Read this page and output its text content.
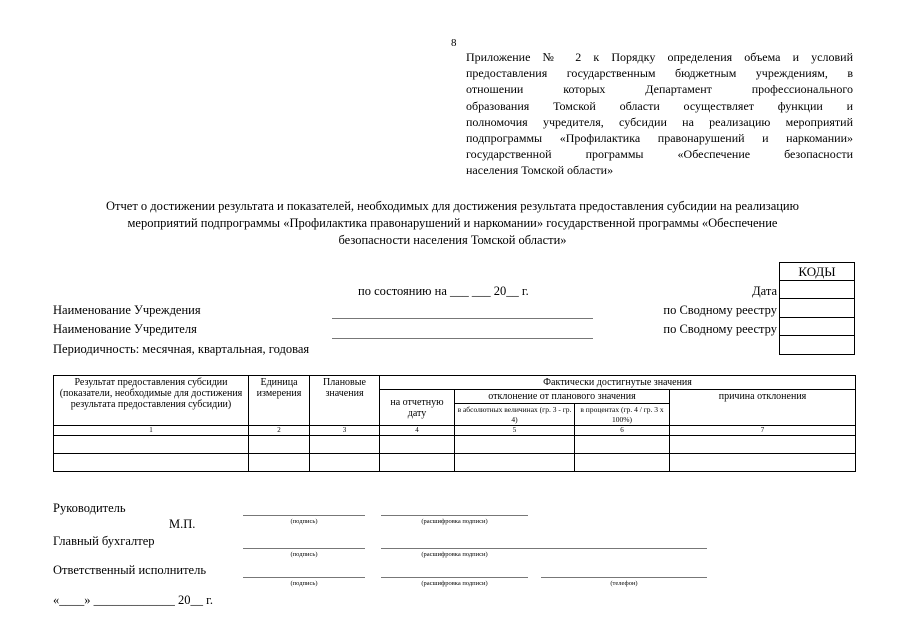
8
Приложение № 2 к Порядку определения объема и условий
предоставления государственным бюджетным учреждениям, в
отношении которых Департамент профессионального
образования Томской области осуществляет функции и
полномочия учредителя, субсидии на реализацию мероприятий
подпрограммы «Профилактика правонарушений и наркомании»
государственной программы «Обеспечение безопасности
населения Томской области»
Отчет о достижении результата и показателей, необходимых для достижения результата предоставления субсидии на реализацию
мероприятий подпрограммы «Профилактика правонарушений и наркомании» государственной программы «Обеспечение
безопасности населения Томской области»
КОДЫ
по состоянию на ___ ___ 20__ г.	Дата
Наименование Учреждения	по Сводному реестру
Наименование Учредителя	по Сводному реестру
Периодичность: месячная, квартальная, годовая
Результат предоставления субсидии (показатели, необходимые для достижения результата предоставления субсидии)	Единица измерения	Плановые значения	Фактически достигнутые значения			
			на отчетную дату	отклонение от планового значения		причина отклонения
				в абсолютных величинах (гр. 3 - гр. 4)	в процентах (гр. 4 / гр. 3 х 100%)	
1	2	3	4	5	6	7

Руководитель
М.П.	(подпись)	(расшифровка подписи)
Главный бухгалтер
(подпись)	(расшифровка подписи)
Ответственный исполнитель
(подпись)	(расшифровка подписи)	(телефон)
«____» _____________ 20__ г.
